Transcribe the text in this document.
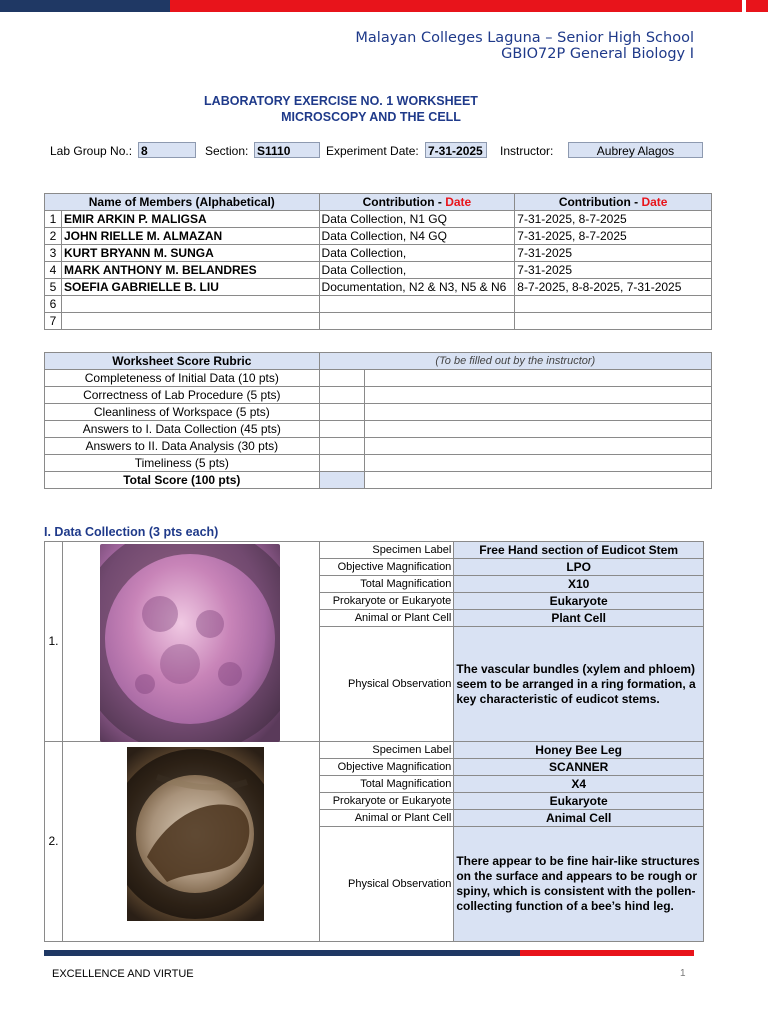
Malayan Colleges Laguna – Senior High School
GBIO72P General Biology I
LABORATORY EXERCISE NO. 1 WORKSHEET
MICROSCOPY AND THE CELL
Lab Group No.: 8	Section: S1110	Experiment Date: 7-31-2025	Instructor:	Aubrey Alagos
Name of Members (Alphabetical)		Contribution - Date	Contribution - Date
1	EMIR ARKIN P. MALIGSA	Data Collection, N1 GQ	7-31-2025, 8-7-2025
2	JOHN RIELLE M. ALMAZAN	Data Collection, N4 GQ	7-31-2025, 8-7-2025
3	KURT BRYANN M. SUNGA	Data Collection,	7-31-2025
4	MARK ANTHONY M. BELANDRES	Data Collection,	7-31-2025
5	SOEFIA GABRIELLE B. LIU	Documentation, N2 & N3, N5 & N6	8-7-2025, 8-8-2025, 7-31-2025
6			
7			
Worksheet Score Rubric	(To be filled out by the instructor)	
Completeness of Initial Data (10 pts)		
Correctness of Lab Procedure (5 pts)		
Cleanliness of Workspace (5 pts)		
Answers to I. Data Collection (45 pts)		
Answers to II. Data Analysis (30 pts)		
Timeliness (5 pts)		
Total Score (100 pts)		
I. Data Collection (3 pts each)
1.		Specimen Label	Free Hand section of Eudicot Stem
		Objective Magnification	LPO
		Total Magnification	X10
		Prokaryote or Eukaryote	Eukaryote
		Animal or Plant Cell	Plant Cell
		Physical Observation	The vascular bundles (xylem and phloem) seem to be arranged in a ring formation, a key characteristic of eudicot stems.
2.		Specimen Label	Honey Bee Leg
		Objective Magnification	SCANNER
		Total Magnification	X4
		Prokaryote or Eukaryote	Eukaryote
		Animal or Plant Cell	Animal Cell
		Physical Observation	There appear to be fine hair-like structures on the surface and appears to be rough or spiny, which is consistent with the pollen-collecting function of a bee’s hind leg.
EXCELLENCE AND VIRTUE	1
